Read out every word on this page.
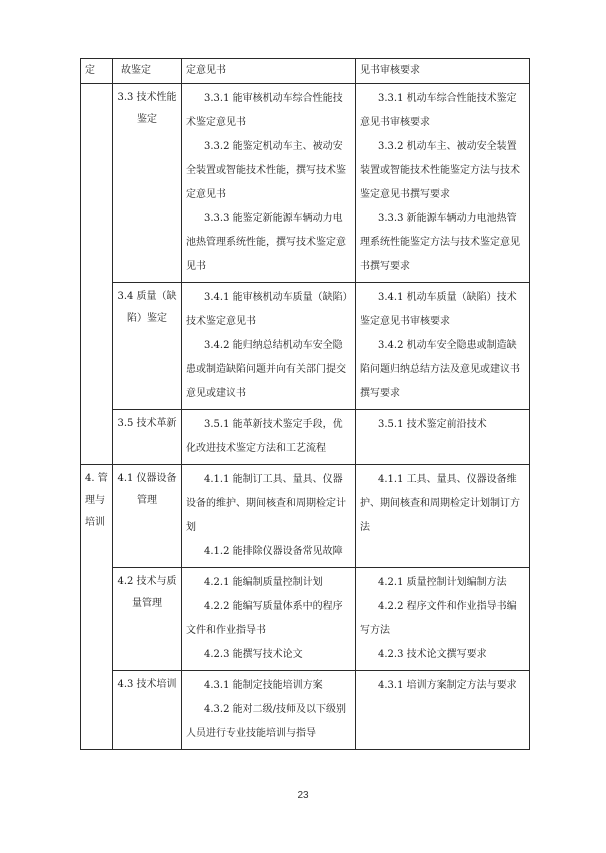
定	故鉴定	定意见书	见书审核要求

	3.3 技术性能鉴定	3.3.1 能审核机动车综合性能技术鉴定意见书
3.3.2 能鉴定机动车主、被动安全装置或智能技术性能，撰写技术鉴定意见书
3.3.3 能鉴定新能源车辆动力电池热管理系统性能，撰写技术鉴定意见书	3.3.1 机动车综合性能技术鉴定意见书审核要求
3.3.2 机动车主、被动安全装置装置或智能技术性能鉴定方法与技术鉴定意见书撰写要求
3.3.3 新能源车辆动力电池热管理系统性能鉴定方法与技术鉴定意见书撰写要求

	3.4 质量（缺陷）鉴定	3.4.1 能审核机动车质量（缺陷）技术鉴定意见书
3.4.2 能归纳总结机动车安全隐患或制造缺陷问题并向有关部门提交意见或建议书	3.4.1 机动车质量（缺陷）技术鉴定意见书审核要求
3.4.2 机动车安全隐患或制造缺陷问题归纳总结方法及意见或建议书撰写要求

	3.5 技术革新	3.5.1 能革新技术鉴定手段，优化改进技术鉴定方法和工艺流程	3.5.1 技术鉴定前沿技术

4. 管理与培训	4.1 仪器设备管理	4.1.1 能制订工具、量具、仪器设备的维护、期间核查和周期检定计划
4.1.2 能排除仪器设备常见故障	4.1.1 工具、量具、仪器设备维护、期间核查和周期检定计划制订方法

	4.2 技术与质量管理	4.2.1 能编制质量控制计划
4.2.2 能编写质量体系中的程序文件和作业指导书
4.2.3 能撰写技术论文	4.2.1 质量控制计划编制方法
4.2.2 程序文件和作业指导书编写方法
4.2.3 技术论文撰写要求

	4.3 技术培训	4.3.1 能制定技能培训方案
4.3.2 能对二级/技师及以下级别人员进行专业技能培训与指导	4.3.1 培训方案制定方法与要求
23
